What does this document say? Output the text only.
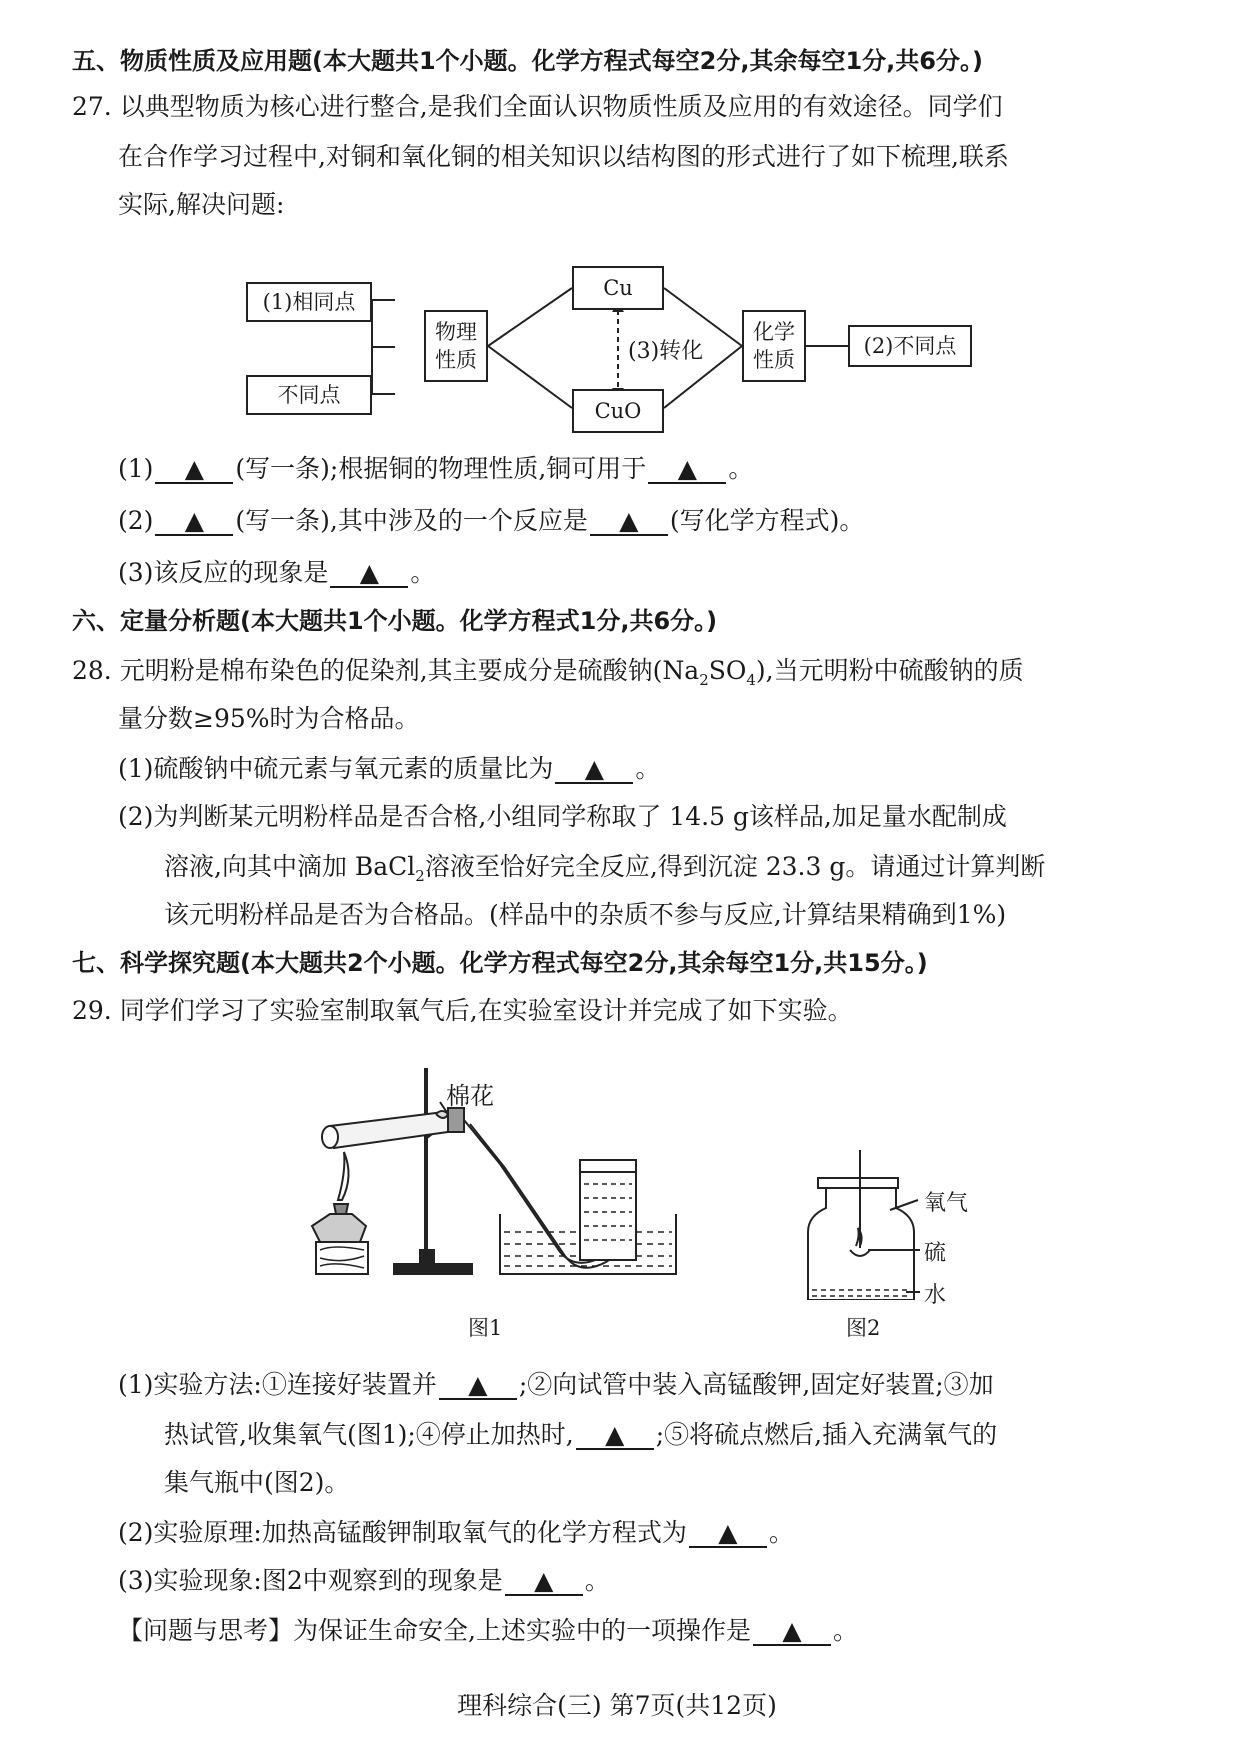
五、物质性质及应用题(本大题共1个小题。化学方程式每空2分,其余每空1分,共6分。)
27. 以典型物质为核心进行整合,是我们全面认识物质性质及应用的有效途径。同学们
在合作学习过程中,对铜和氧化铜的相关知识以结构图的形式进行了如下梳理,联系
实际,解决问题:
(1)相同点
不同点
物理性质
Cu
CuO
(3)转化
化学性质
(2)不同点
(1) ▲ (写一条);根据铜的物理性质,铜可用于 ▲ 。
(2) ▲ (写一条),其中涉及的一个反应是 ▲ (写化学方程式)。
(3)该反应的现象是 ▲ 。
六、定量分析题(本大题共1个小题。化学方程式1分,共6分。)
28. 元明粉是棉布染色的促染剂,其主要成分是硫酸钠$(Na_2SO_4)$,当元明粉中硫酸钠的质
量分数≥95%时为合格品。
(1)硫酸钠中硫元素与氧元素的质量比为 ▲ 。
(2)为判断某元明粉样品是否合格,小组同学称取了 14.5 g该样品,加足量水配制成
溶液,向其中滴加 BaCl$_2$溶液至恰好完全反应,得到沉淀 23.3 g。请通过计算判断
该元明粉样品是否为合格品。(样品中的杂质不参与反应,计算结果精确到1%)
七、科学探究题(本大题共2个小题。化学方程式每空2分,其余每空1分,共15分。)
29. 同学们学习了实验室制取氧气后,在实验室设计并完成了如下实验。
棉花
图1
氧气
硫
水
图2
(1)实验方法:①连接好装置并 ▲ ;②向试管中装入高锰酸钾,固定好装置;③加
热试管,收集氧气(图1);④停止加热时, ▲ ;⑤将硫点燃后,插入充满氧气的
集气瓶中(图2)。
(2)实验原理:加热高锰酸钾制取氧气的化学方程式为 ▲ 。
(3)实验现象:图2中观察到的现象是 ▲ 。
【问题与思考】为保证生命安全,上述实验中的一项操作是 ▲ 。
理科综合(三) 第7页(共12页)
